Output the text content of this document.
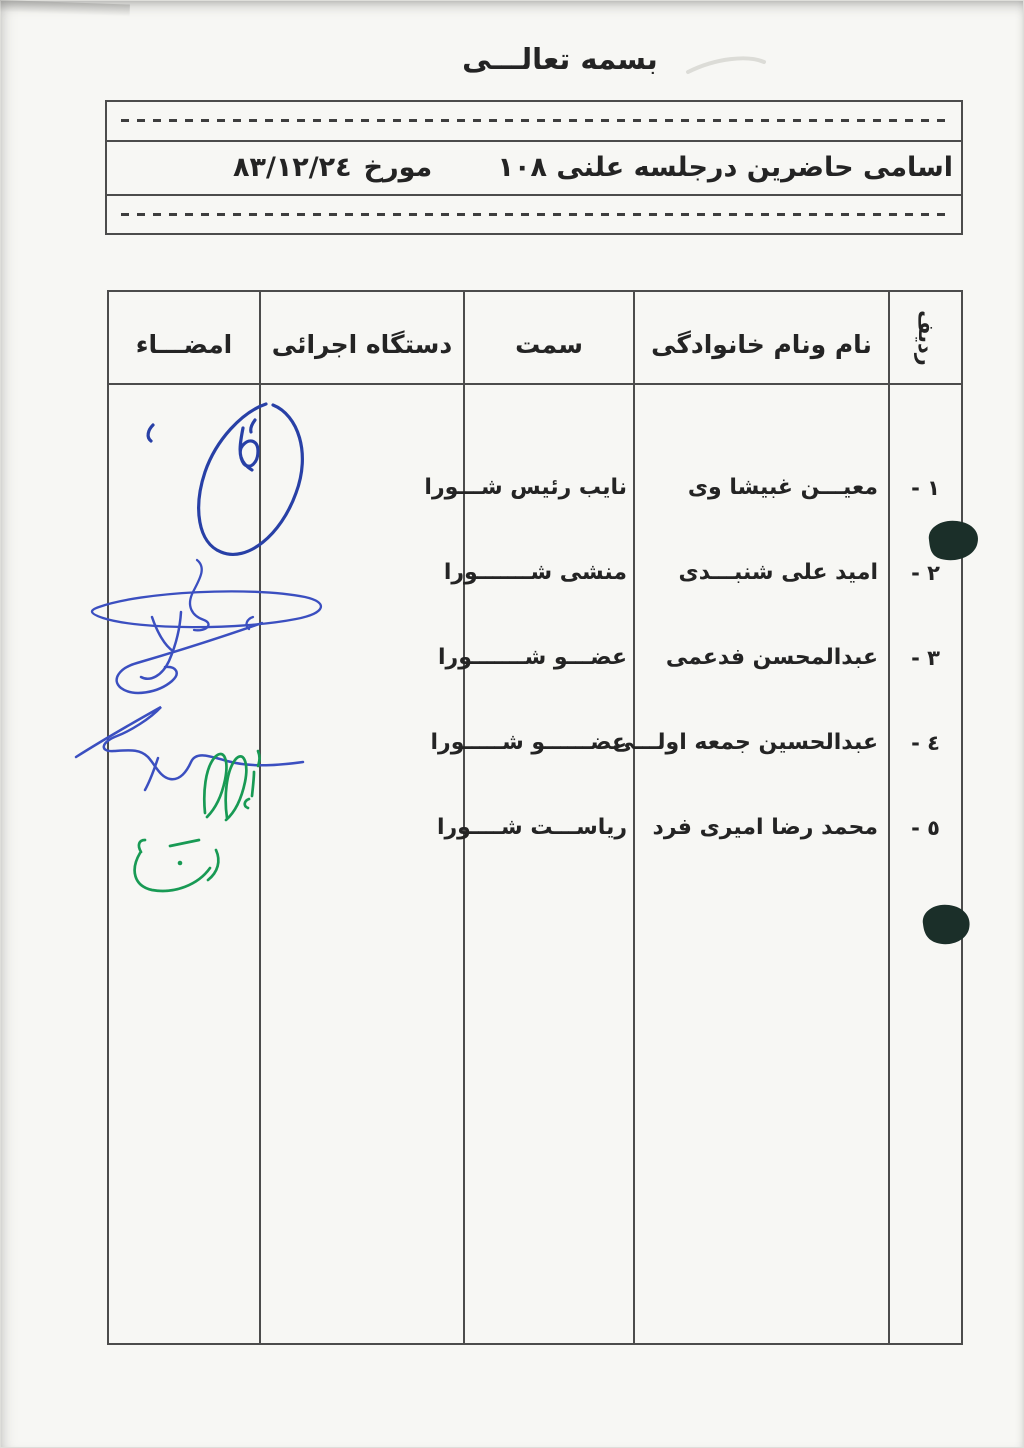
بسمه تعالـــی
اسامی حاضرین درجلسه علنی ۱۰۸
مورخ۸۳/۱۲/۲٤
ردیف
نام ونام خانوادگی
سمت
دستگاه اجرائی
امضـــاء
۱ -
۲ -
۳ -
٤ -
٥ -
معیـــن غبیشا وی
امید علی شنبـــدی
عبدالمحسن فدعمی
عبدالحسین جمعه اولـــی
محمد رضا امیری فرد
نایب رئیس شـــورا
منشی شـــــــورا
عضـــو شـــــــورا
عضــــــو شـــــورا
ریاســـت شــــورا
